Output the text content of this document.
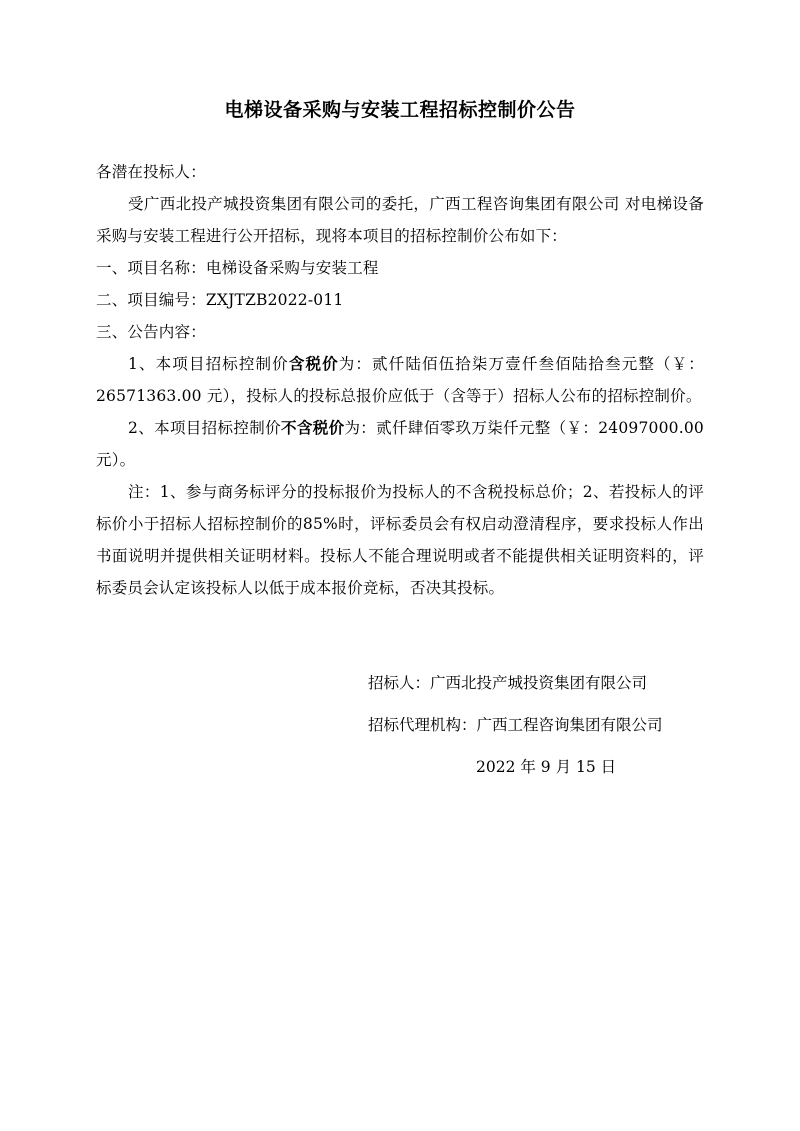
电梯设备采购与安装工程招标控制价公告

各潜在投标人：

受广西北投产城投资集团有限公司的委托，广西工程咨询集团有限公司 对电梯设备采购与安装工程进行公开招标，现将本项目的招标控制价公布如下：

一、项目名称：电梯设备采购与安装工程

二、项目编号：ZXJTZB2022-011

三、公告内容：

1、本项目招标控制价含税价为：贰仟陆佰伍拾柒万壹仟叁佰陆拾叁元整（￥：26571363.00 元），投标人的投标总报价应低于（含等于）招标人公布的招标控制价。

2、本项目招标控制价不含税价为：贰仟肆佰零玖万柒仟元整（￥：24097000.00 元）。

注：1、参与商务标评分的投标报价为投标人的不含税投标总价；2、若投标人的评标价小于招标人招标控制价的85%时，评标委员会有权启动澄清程序，要求投标人作出书面说明并提供相关证明材料。投标人不能合理说明或者不能提供相关证明资料的，评标委员会认定该投标人以低于成本报价竞标，否决其投标。

招标人：广西北投产城投资集团有限公司
招标代理机构：广西工程咨询集团有限公司
2022 年 9 月 15 日
